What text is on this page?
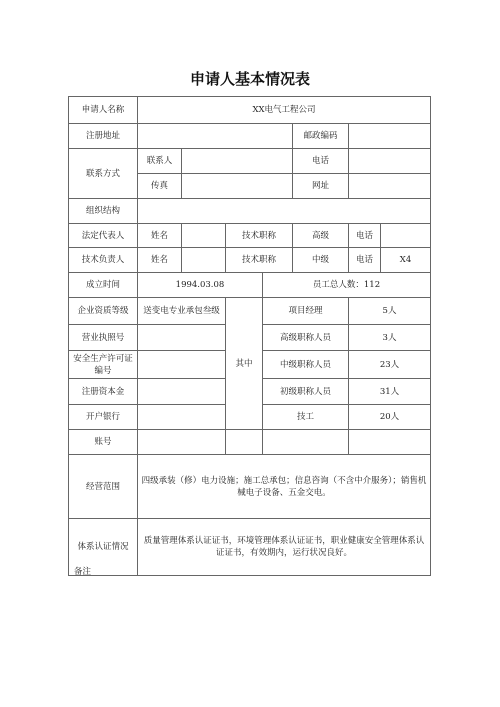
申请人基本情况表
申请人名称	XX电气工程公司						
注册地址					邮政编码		
联系方式	联系人				电话		
	传真				网址		
组织结构							
法定代表人	姓名		技术职称		高级	电话	
技术负责人	姓名		技术职称		中级	电话	X4
成立时间	1994.03.08			员工总人数：112			
企业资质等级	送变电专业承包叁级		其中	项目经理		5人	
营业执照号				高级职称人员		3人	
安全生产许可证编号				中级职称人员		23人	
注册资本金				初级职称人员		31人	
开户银行				技工		20人	
账号							
经营范围	四级承装（修）电力设施；施工总承包；信息咨询（不含中介服务）；销售机械电子设备、五金交电。						
体系认证情况	质量管理体系认证证书，环境管理体系认证证书，职业健康安全管理体系认证证书，有效期内，运行状况良好。						
备注
